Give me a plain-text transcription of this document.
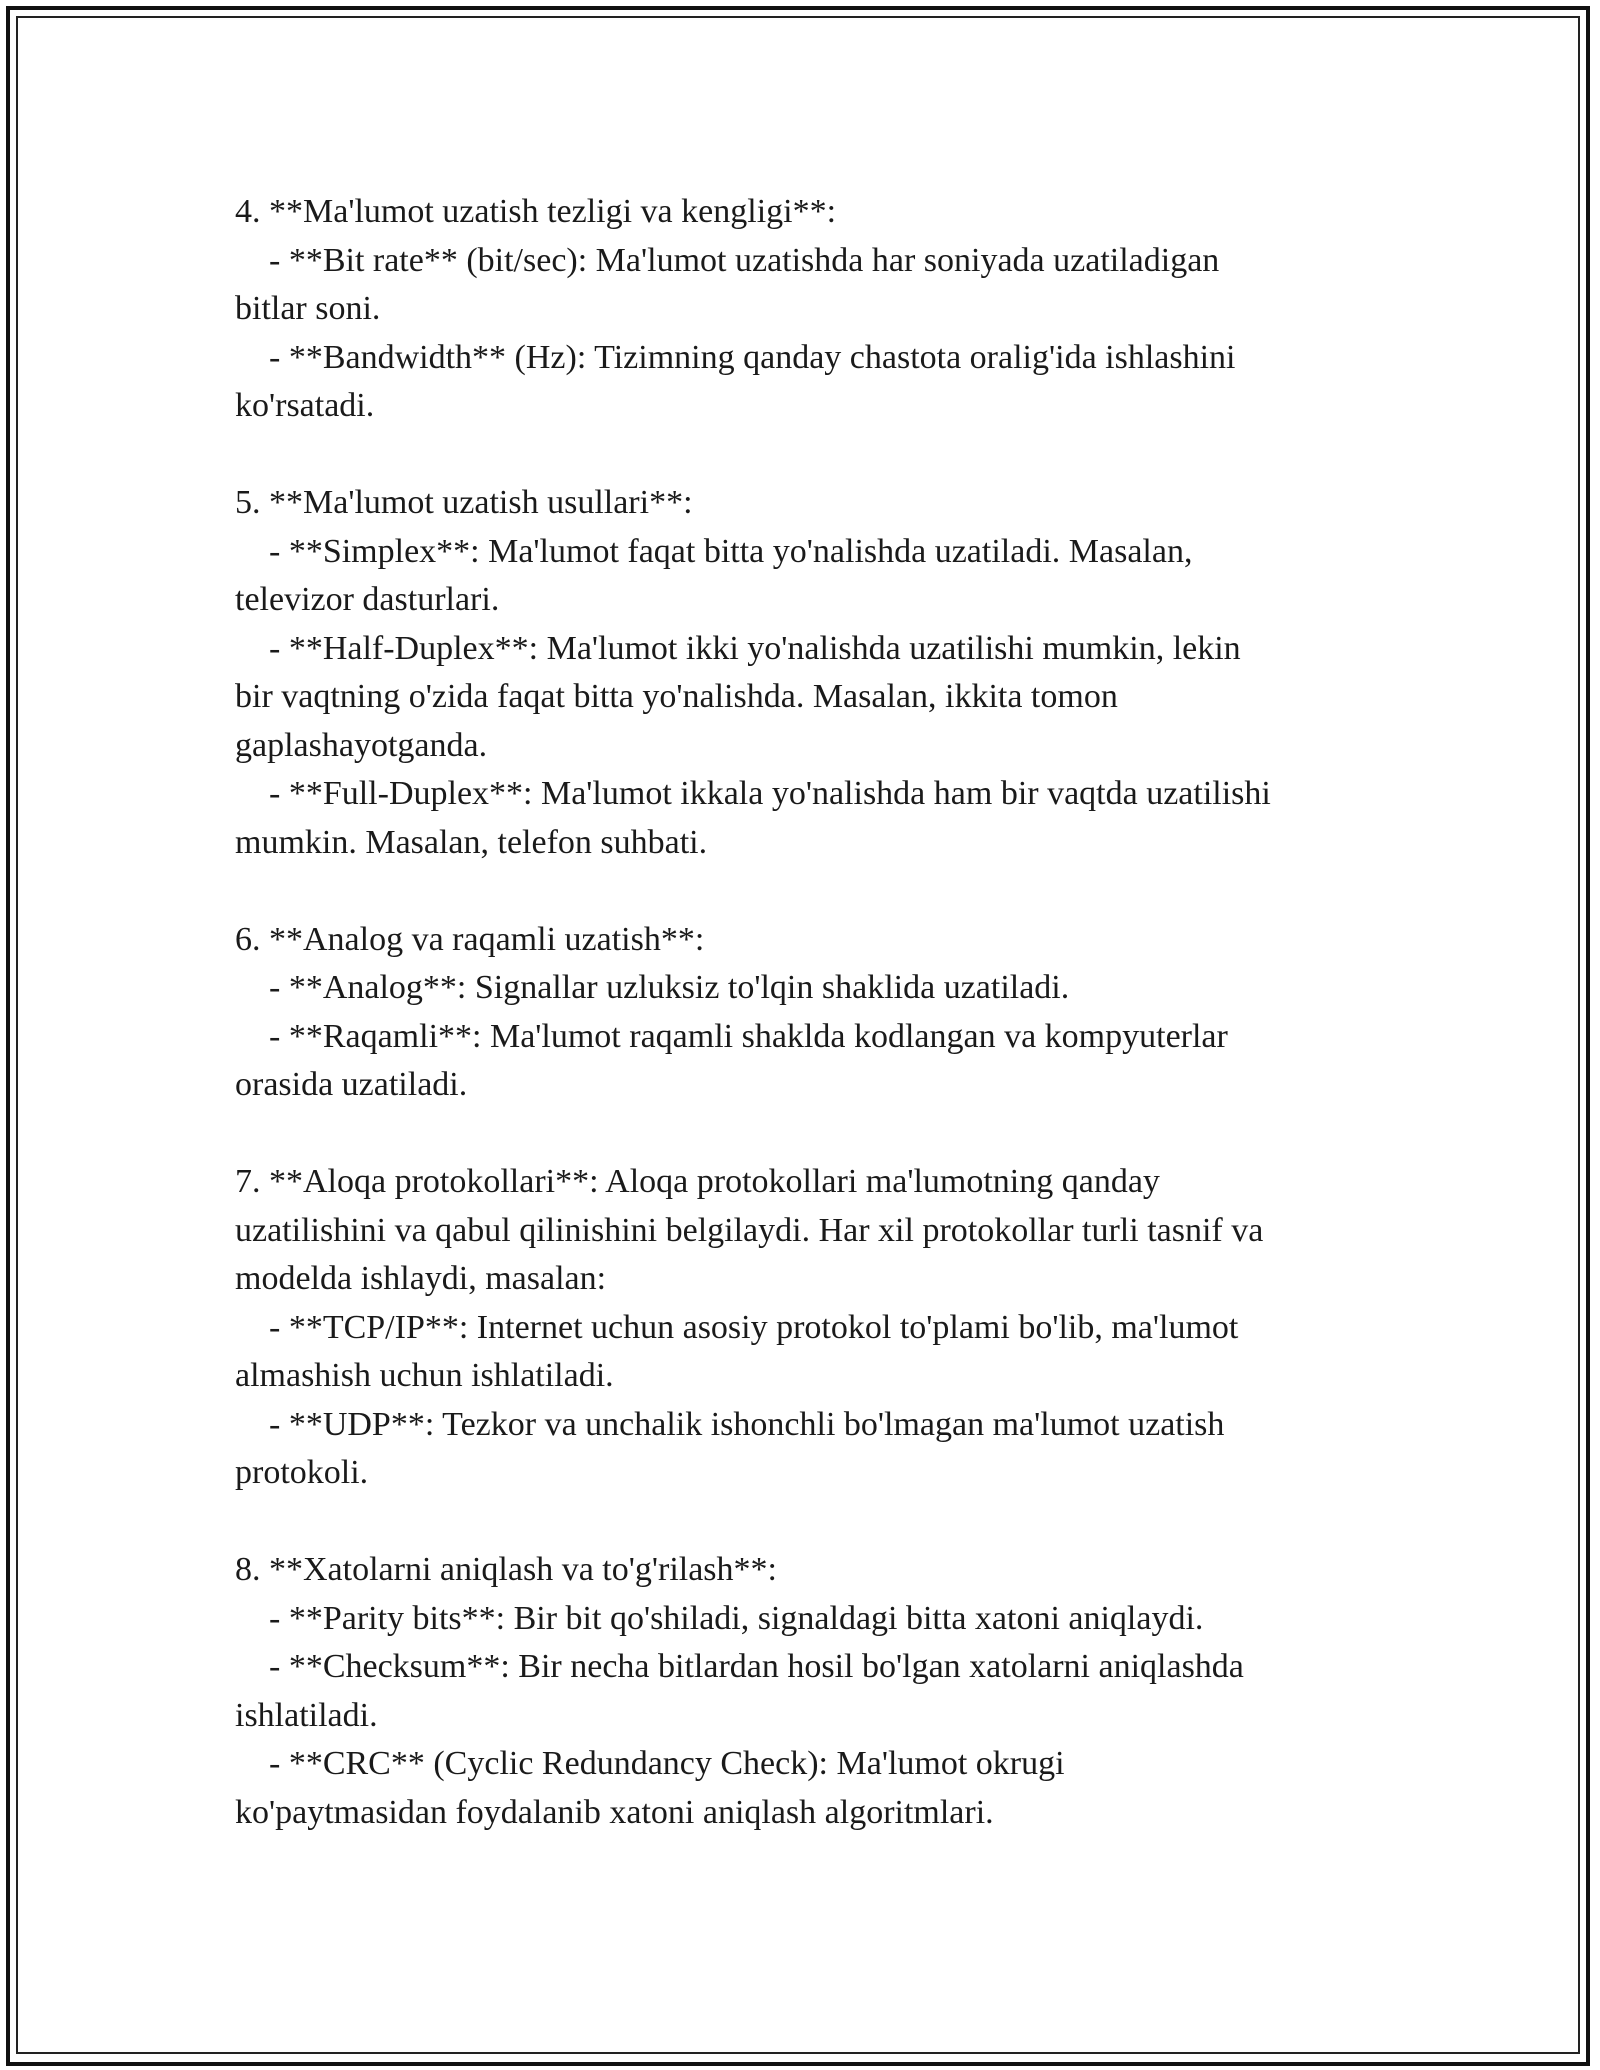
4. **Ma'lumot uzatish tezligi va kengligi**:
- **Bit rate** (bit/sec): Ma'lumot uzatishda har soniyada uzatiladigan
bitlar soni.
- **Bandwidth** (Hz): Tizimning qanday chastota oralig'ida ishlashini
ko'rsatadi.
5. **Ma'lumot uzatish usullari**:
- **Simplex**: Ma'lumot faqat bitta yo'nalishda uzatiladi. Masalan,
televizor dasturlari.
- **Half-Duplex**: Ma'lumot ikki yo'nalishda uzatilishi mumkin, lekin
bir vaqtning o'zida faqat bitta yo'nalishda. Masalan, ikkita tomon
gaplashayotganda.
- **Full-Duplex**: Ma'lumot ikkala yo'nalishda ham bir vaqtda uzatilishi
mumkin. Masalan, telefon suhbati.
6. **Analog va raqamli uzatish**:
- **Analog**: Signallar uzluksiz to'lqin shaklida uzatiladi.
- **Raqamli**: Ma'lumot raqamli shakldа kodlangan va kompyuterlar
orasida uzatiladi.
7. **Aloqa protokollari**: Aloqa protokollari ma'lumotning qanday
uzatilishini va qabul qilinishini belgilaydi. Har xil protokollar turli tasnif va
modelda ishlaydi, masalan:
- **TCP/IP**: Internet uchun asosiy protokol to'plami bo'lib, ma'lumot
almashish uchun ishlatiladi.
- **UDP**: Tezkor va unchalik ishonchli bo'lmagan ma'lumot uzatish
protokoli.
8. **Xatolarni aniqlash va to'g'rilash**:
- **Parity bits**: Bir bit qo'shiladi, signaldagi bitta xatoni aniqlaydi.
- **Checksum**: Bir necha bitlardan hosil bo'lgan xatolarni aniqlashda
ishlatiladi.
- **CRC** (Cyclic Redundancy Check): Ma'lumot okrugi
ko'paytmasidan foydalanib xatoni aniqlash algoritmlari.
